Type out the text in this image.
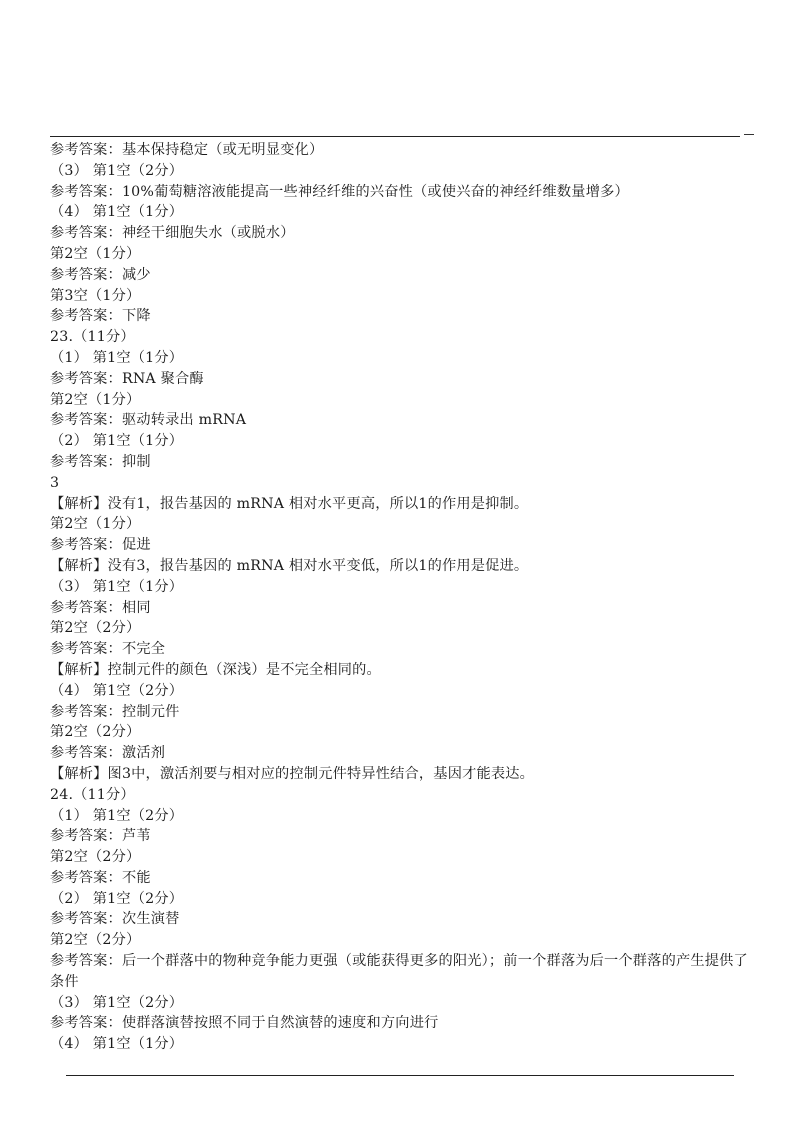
参考答案：基本保持稳定（或无明显变化）
（3） 第1空（2分）
参考答案：10%葡萄糖溶液能提高一些神经纤维的兴奋性（或使兴奋的神经纤维数量增多）
（4） 第1空（1分）
参考答案：神经干细胞失水（或脱水）
第2空（1分）
参考答案：减少
第3空（1分）
参考答案：下降
23.（11分）
（1） 第1空（1分）
参考答案：RNA 聚合酶
第2空（1分）
参考答案：驱动转录出 mRNA
（2） 第1空（1分）
参考答案：抑制
3
【解析】没有1，报告基因的 mRNA 相对水平更高，所以1的作用是抑制。
第2空（1分）
参考答案：促进
【解析】没有3，报告基因的 mRNA 相对水平变低，所以1的作用是促进。
（3） 第1空（1分）
参考答案：相同
第2空（2分）
参考答案：不完全
【解析】控制元件的颜色（深浅）是不完全相同的。
（4） 第1空（2分）
参考答案：控制元件
第2空（2分）
参考答案：激活剂
【解析】图3中，激活剂要与相对应的控制元件特异性结合，基因才能表达。
24.（11分）
（1） 第1空（2分）
参考答案：芦苇
第2空（2分）
参考答案：不能
（2） 第1空（2分）
参考答案：次生演替
第2空（2分）
参考答案：后一个群落中的物种竞争能力更强（或能获得更多的阳光）；前一个群落为后一个群落的产生提供了条件
（3） 第1空（2分）
参考答案：使群落演替按照不同于自然演替的速度和方向进行
（4） 第1空（1分）
